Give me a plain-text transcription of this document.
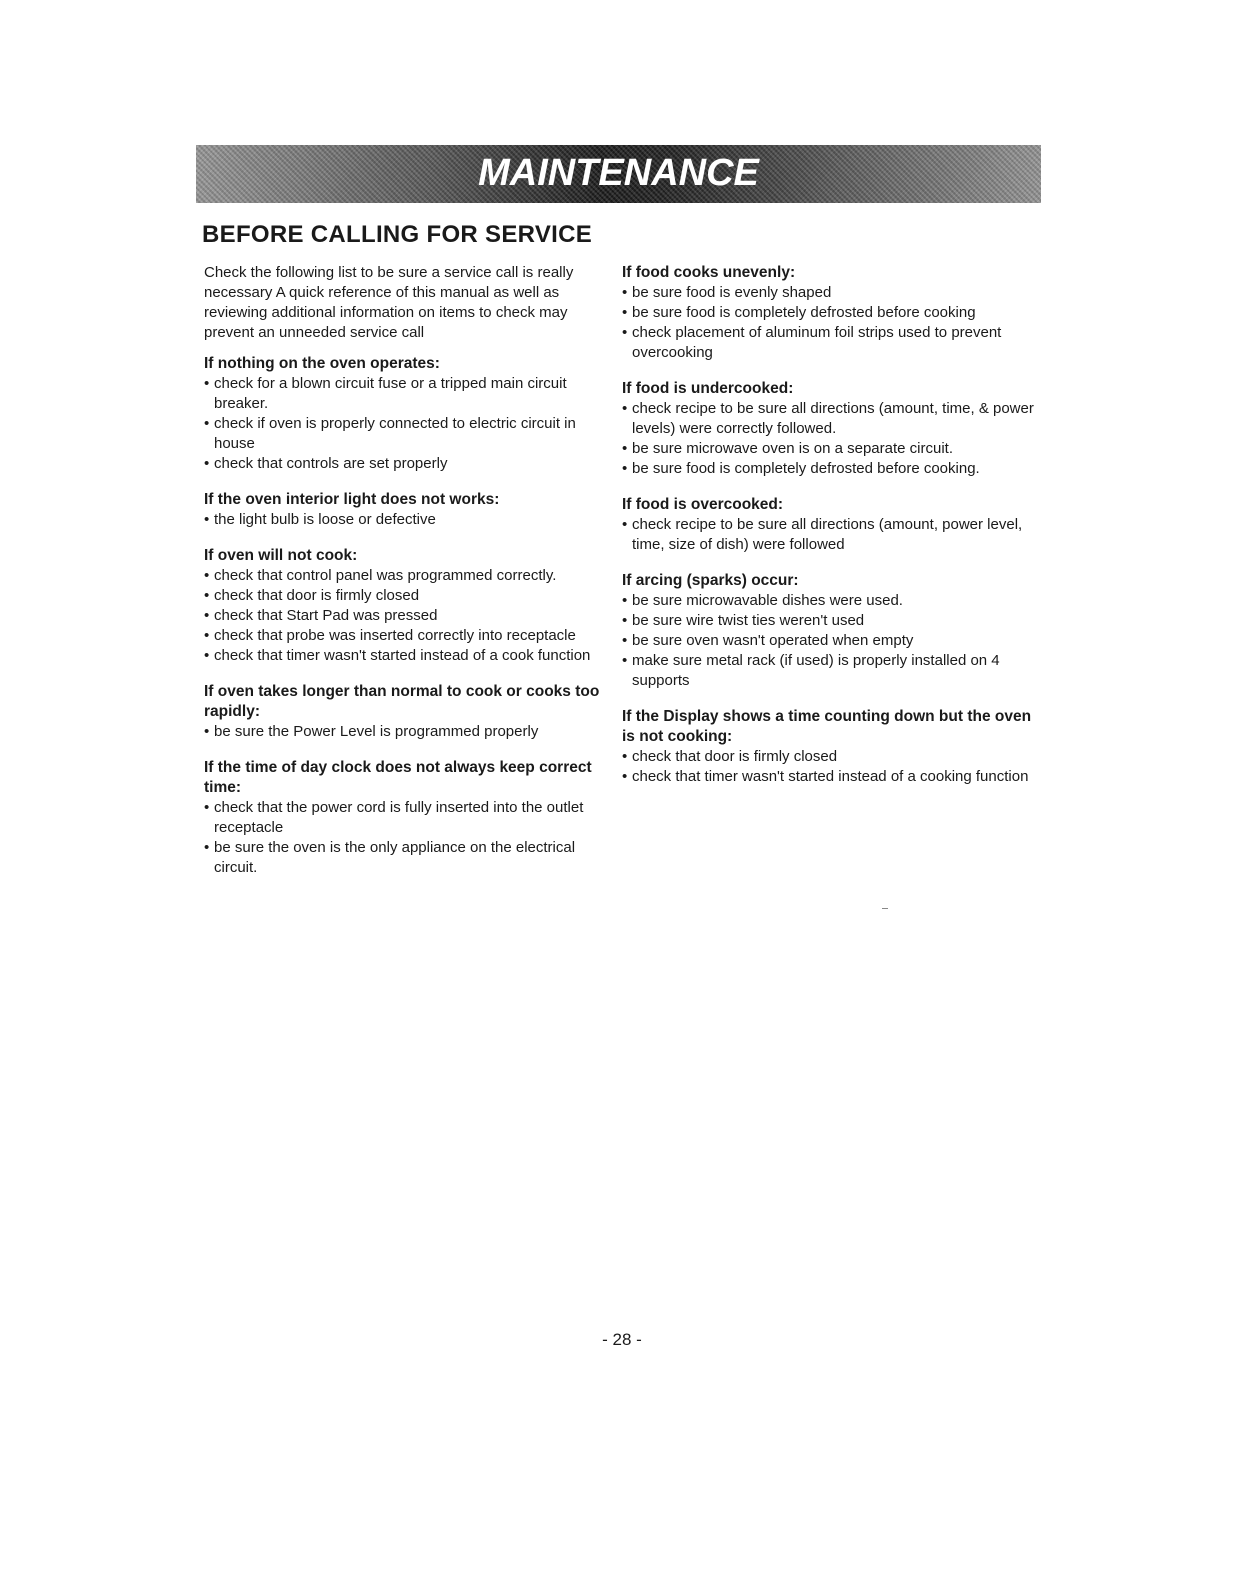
MAINTENANCE
BEFORE CALLING FOR SERVICE

Check the following list to be sure a service call is really necessary A quick reference of this manual as well as reviewing additional information on items to check may prevent an unneeded service call

If nothing on the oven operates:

• check for a blown circuit fuse or a tripped main circuit breaker.
• check if oven is properly connected to electric circuit in house
• check that controls are set properly

If the oven interior light does not works:

• the light bulb is loose or defective

If oven will not cook:

• check that control panel was programmed correctly.
• check that door is firmly closed
• check that Start Pad was pressed
• check that probe was inserted correctly into receptacle
• check that timer wasn't started instead of a cook function

If oven takes longer than normal to cook or cooks too rapidly:

• be sure the Power Level is programmed properly

If the time of day clock does not always keep correct time:

• check that the power cord is fully inserted into the outlet receptacle
• be sure the oven is the only appliance on the electrical circuit.

If food cooks unevenly:

• be sure food is evenly shaped
• be sure food is completely defrosted before cooking
• check placement of aluminum foil strips used to prevent overcooking

If food is undercooked:

• check recipe to be sure all directions (amount, time, & power levels) were correctly followed.
• be sure microwave oven is on a separate circuit.
• be sure food is completely defrosted before cooking.

If food is overcooked:

• check recipe to be sure all directions (amount, power level, time, size of dish) were followed

If arcing (sparks) occur:

• be sure microwavable dishes were used.
• be sure wire twist ties weren't used
• be sure oven wasn't operated when empty
• make sure metal rack (if used) is properly installed on 4 supports

If the Display shows a time counting down but the oven is not cooking:

• check that door is firmly closed
• check that timer wasn't started instead of a cooking function
- 28 -
